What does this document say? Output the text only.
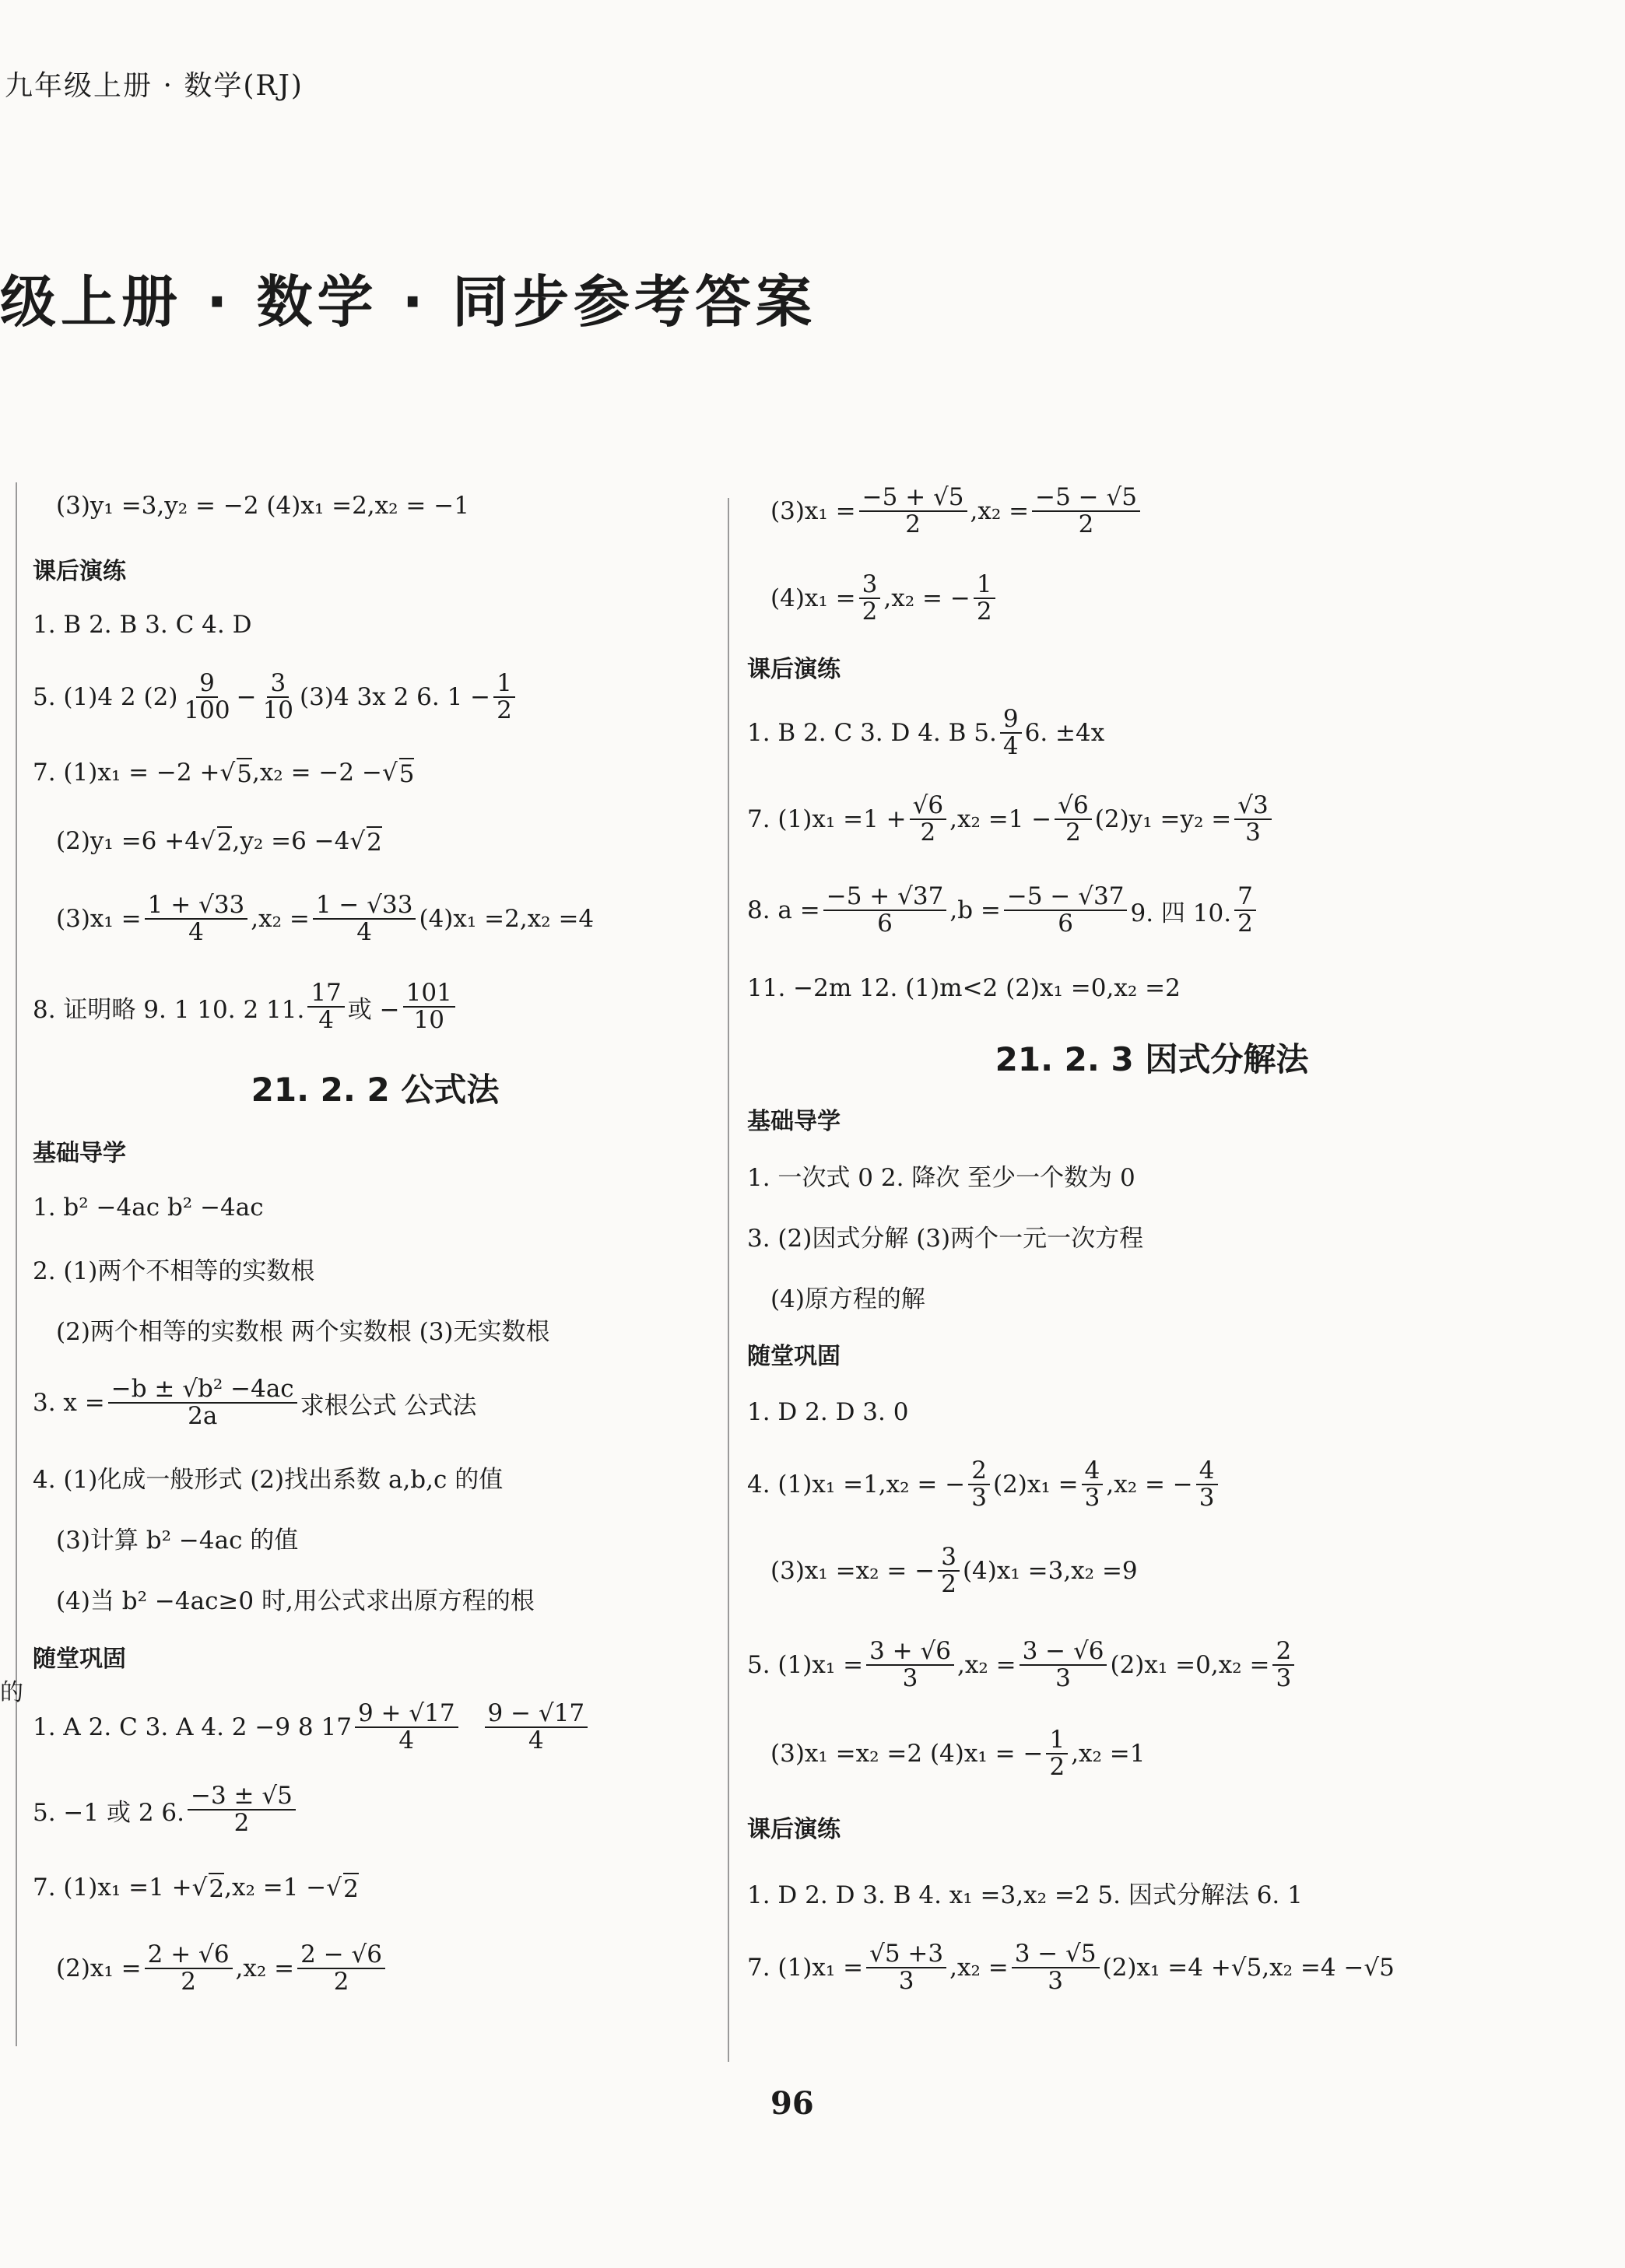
九年级上册 · 数学(RJ)
级上册 · 数学 · 同步参考答案
的
(3)y₁ =3,y₂ = −2 (4)x₁ =2,x₂ = −1
课后演练
1. B 2. B 3. C 4. D
5. (1)4 2 $(2) \frac{9}{100} - \frac{3}{10} (3)4$ 3x 2 6. $1 - \frac{1}{2}$
7. (1)x₁ = −2 + √ 5 ,x₂ = −2 − √ 5
(2)y₁ =6 +4 √ 2 ,y₂ =6 −4 √ 2
$(3)x_1 = \frac{1 + √33}{4} ,x_2 = \frac{1 - √33}{4} (4)x_1 =2,x_2 =4$
8. 证明略 9. 1 10. 2 11. $\frac{17}{4}$ 或 − $\frac{101}{10}$
21. 2. 2 公式法
基础导学
1. b² −4ac b² −4ac
2. (1)两个不相等的实数根
(2)两个相等的实数根 两个实数根 (3)无实数根
3. $x = \frac{\text{−b ± √b² −4ac}}{2a}$ 求根公式 公式法
4. (1)化成一般形式 (2)找出系数 a,b,c 的值
(3)计算 b² −4ac 的值
(4)当 b² −4ac≥0 时,用公式求出原方程的根
随堂巩固
1. A 2. C 3. A 4. 2 −9 8 $17 \frac{9 + √17}{4} \frac{9 - √17}{4}$
5. −1 或 2 6. $\frac{-3 \pm √5}{2}$
7. (1)x₁ =1 + √ 2 ,x₂ =1 − √ 2
$(2)x_1 = \frac{2 + √6}{2} ,x_2 = \frac{2 - √6}{2}$
$(3)x_1 = \frac{-5 + √5}{2} ,x_2 = \frac{-5 - √5}{2}$
$(4)x_1 = \frac{3}{2} ,x_2$ = − $\frac{1}{2}$
课后演练
1. B 2. C 3. D 4. B 5. $\frac{9}{4} 6$. ±4x
7. $(1)x_1 =1 + \frac{√6}{2} ,x_2 =1 - \frac{√6}{2} (2)y_1 =y_2 = \frac{√3}{3}$
8. $a = \frac{-5 + √37}{6} ,b = \frac{-5 - √37}{6} 9$. 四 10. $\frac{7}{2}$
11. −2m 12. (1)m<2 (2)x₁ =0,x₂ =2
21. 2. 3 因式分解法
基础导学
1. 一次式 0 2. 降次 至少一个数为 0
3. (2)因式分解 (3)两个一元一次方程
(4)原方程的解
随堂巩固
1. D 2. D 3. 0
4. (1)x₁ =1,x₂ = − $\frac{2}{3} (2)x_1 = \frac{4}{3} ,x_2$ = − $\frac{4}{3}$
(3)x₁ =x₂ = − $\frac{3}{2} (4)x_1 =3,x_2 =9$
5. $(1)x_1 = \frac{3 + √6}{3} ,x_2 = \frac{3 - √6}{3} (2)x_1 =0,x_2 = \frac{2}{3}$
(3)x₁ =x₂ =2 (4)x₁ = − $\frac{1}{2} ,x_2 =1$
课后演练
1. D 2. D 3. B 4. x₁ =3,x₂ =2 5. 因式分解法 6. 1
7. $(1)x_1 = \frac{√5 +3}{3} ,x_2 = \frac{3 - √5}{3} (2)x_1 =4 +√5,x_2 =4 -√5$
96
